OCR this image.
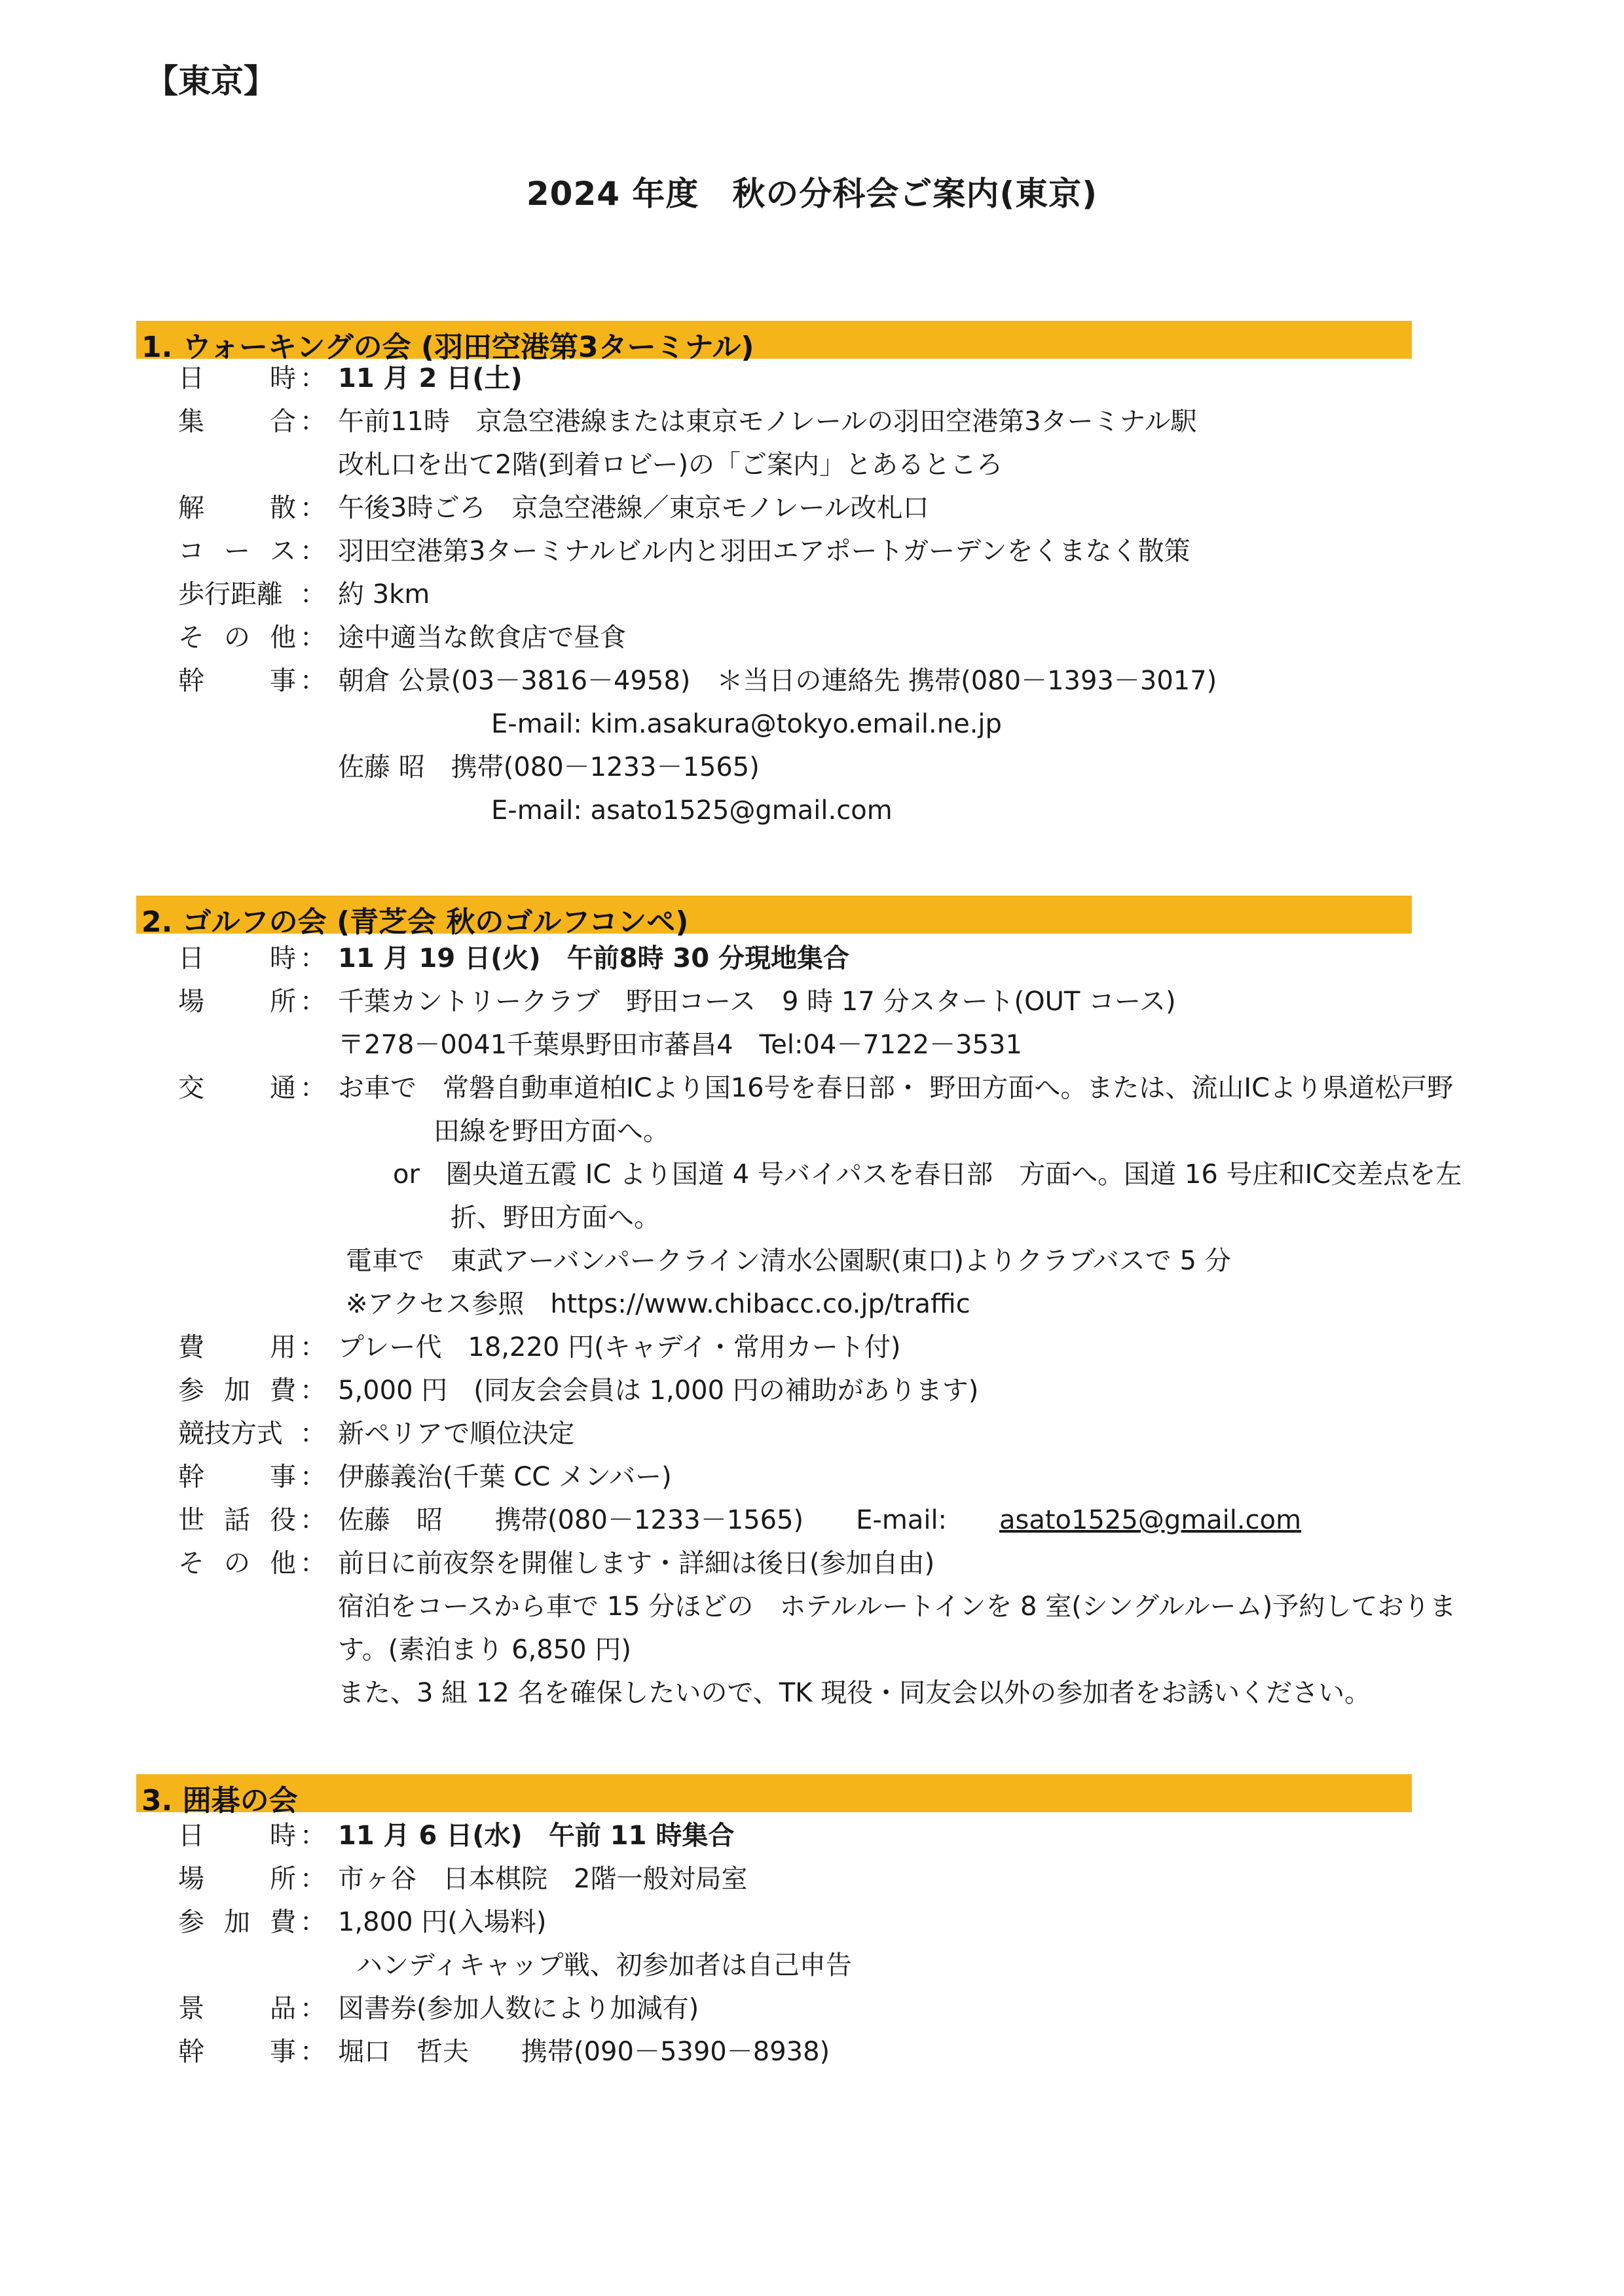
【東京】
2024 年度　秋の分科会ご案内(東京)
1. ウォーキングの会 (羽田空港第3ターミナル)
日	時 ： 11 月 2 日(土)
集	合 ： 午前11時　京急空港線または東京モノレールの羽田空港第3ターミナル駅
改札口を出て2階(到着ロビー)の「ご案内」とあるところ
解	散 ： 午後3時ごろ　京急空港線／東京モノレール改札口
コ ー ス ： 羽田空港第3ターミナルビル内と羽田エアポートガーデンをくまなく散策
歩行距離 ： 約 3km
そ の 他 ： 途中適当な飲食店で昼食
幹	事 ： 朝倉 公景(03－3816－4958)　＊当日の連絡先 携帯(080－1393－3017)
E-mail: kim.asakura@tokyo.email.ne.jp
佐藤 昭　携帯(080－1233－1565)
E-mail: asato1525@gmail.com
2. ゴルフの会 (青芝会 秋のゴルフコンペ)
日	時 ： 11 月 19 日(火)　午前8時 30 分現地集合
場	所 ： 千葉カントリークラブ　野田コース　9 時 17 分スタート(OUT コース)
〒278－0041千葉県野田市蕃昌4　Tel:04－7122－3531
交	通 ： お車で　常磐自動車道柏ICより国16号を春日部・ 野田方面へ。または、流山ICより県道松戸野
田線を野田方面へ。
or　圏央道五霞 IC より国道 4 号バイパスを春日部　方面へ。国道 16 号庄和IC交差点を左
折、野田方面へ。
電車で　東武アーバンパークライン清水公園駅(東口)よりクラブバスで 5 分
※アクセス参照　https://www.chibacc.co.jp/traffic
費	用 ： プレー代　18,220 円(キャデイ・常用カート付)
参 加 費 ： 5,000 円　(同友会会員は 1,000 円の補助があります)
競技方式 ： 新ペリアで順位決定
幹	事 ： 伊藤義治(千葉 CC メンバー)
世 話 役 ： 佐藤　昭　　携帯(080－1233－1565)　　E-mail: asato1525@gmail.com
そ の 他 ： 前日に前夜祭を開催します・詳細は後日(参加自由)
宿泊をコースから車で 15 分ほどの　ホテルルートインを 8 室(シングルルーム)予約しておりま
す。(素泊まり 6,850 円)
また、3 組 12 名を確保したいので、TK 現役・同友会以外の参加者をお誘いください。
3. 囲碁の会
日	時 ： 11 月 6 日(水)　午前 11 時集合
場	所 ： 市ヶ谷　日本棋院　2階一般対局室
参 加 費 ： 1,800 円(入場料)
ハンディキャップ戦、初参加者は自己申告
景	品 ： 図書券(参加人数により加減有)
幹	事 ： 堀口　哲夫　　携帯(090－5390－8938)
